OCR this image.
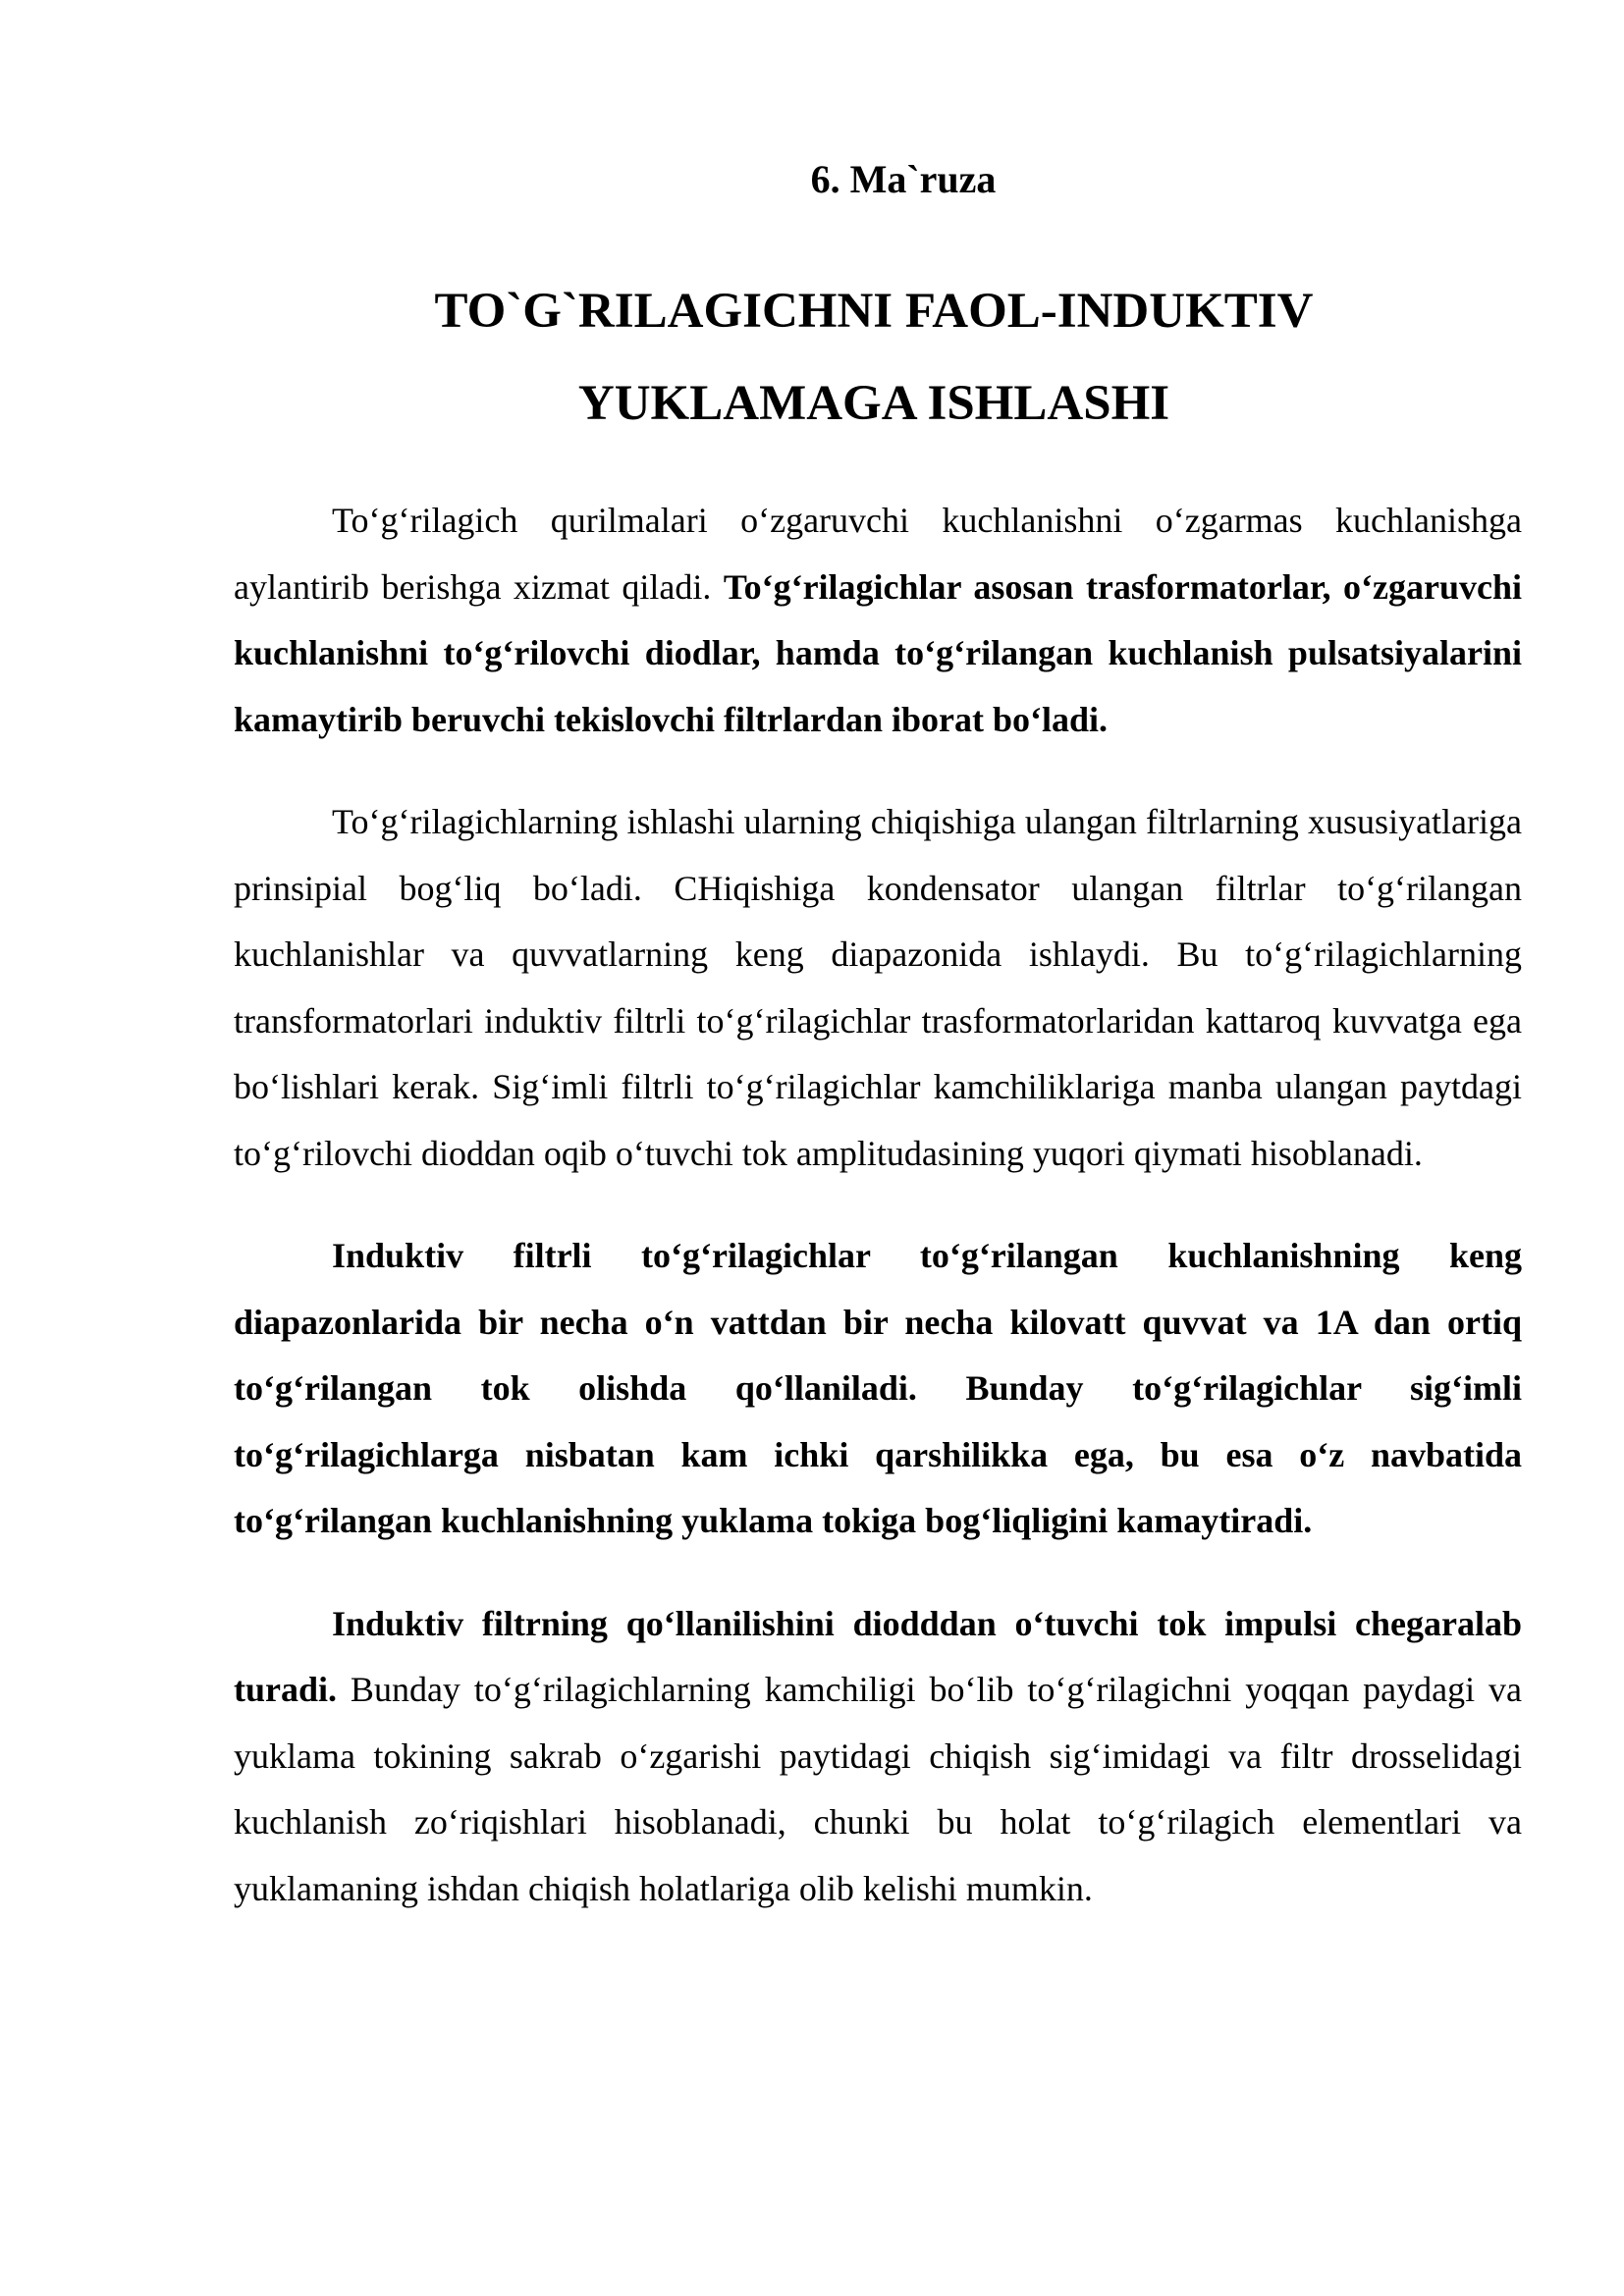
6. Ma`ruza

TO`G`RILAGICHNI FAOL-INDUKTIV
YUKLAMAGA ISHLASHI

To‘g‘rilagich qurilmalari o‘zgaruvchi kuchlanishni o‘zgarmas kuchlanishga aylantirib berishga xizmat qiladi. To‘g‘rilagichlar asosan trasformatorlar, o‘zgaruvchi kuchlanishni to‘g‘rilovchi diodlar, hamda to‘g‘rilangan kuchlanish pulsatsiyalarini kamaytirib beruvchi tekislovchi filtrlardan iborat bo‘ladi.

To‘g‘rilagichlarning ishlashi ularning chiqishiga ulangan filtrlarning xususiyatlariga prinsipial bog‘liq bo‘ladi. CHiqishiga kondensator ulangan filtrlar to‘g‘rilangan kuchlanishlar va quvvatlarning keng diapazonida ishlaydi. Bu to‘g‘rilagichlarning transformatorlari induktiv filtrli to‘g‘rilagichlar trasformatorlaridan kattaroq kuvvatga ega bo‘lishlari kerak. Sig‘imli filtrli to‘g‘rilagichlar kamchiliklariga manba ulangan paytdagi to‘g‘rilovchi dioddan oqib o‘tuvchi tok amplitudasining yuqori qiymati hisoblanadi.

Induktiv filtrli to‘g‘rilagichlar to‘g‘rilangan kuchlanishning keng diapazonlarida bir necha o‘n vattdan bir necha kilovatt quvvat va 1A dan ortiq to‘g‘rilangan tok olishda qo‘llaniladi. Bunday to‘g‘rilagichlar sig‘imli to‘g‘rilagichlarga nisbatan kam ichki qarshilikka ega, bu esa o‘z navbatida to‘g‘rilangan kuchlanishning yuklama tokiga bog‘liqligini kamaytiradi.

Induktiv filtrning qo‘llanilishini diodddan o‘tuvchi tok impulsi chegaralab turadi. Bunday to‘g‘rilagichlarning kamchiligi bo‘lib to‘g‘rilagichni yoqqan paydagi va yuklama tokining sakrab o‘zgarishi paytidagi chiqish sig‘imidagi va filtr drosselidagi kuchlanish zo‘riqishlari hisoblanadi, chunki bu holat to‘g‘rilagich elementlari va yuklamaning ishdan chiqish holatlariga olib kelishi mumkin.
